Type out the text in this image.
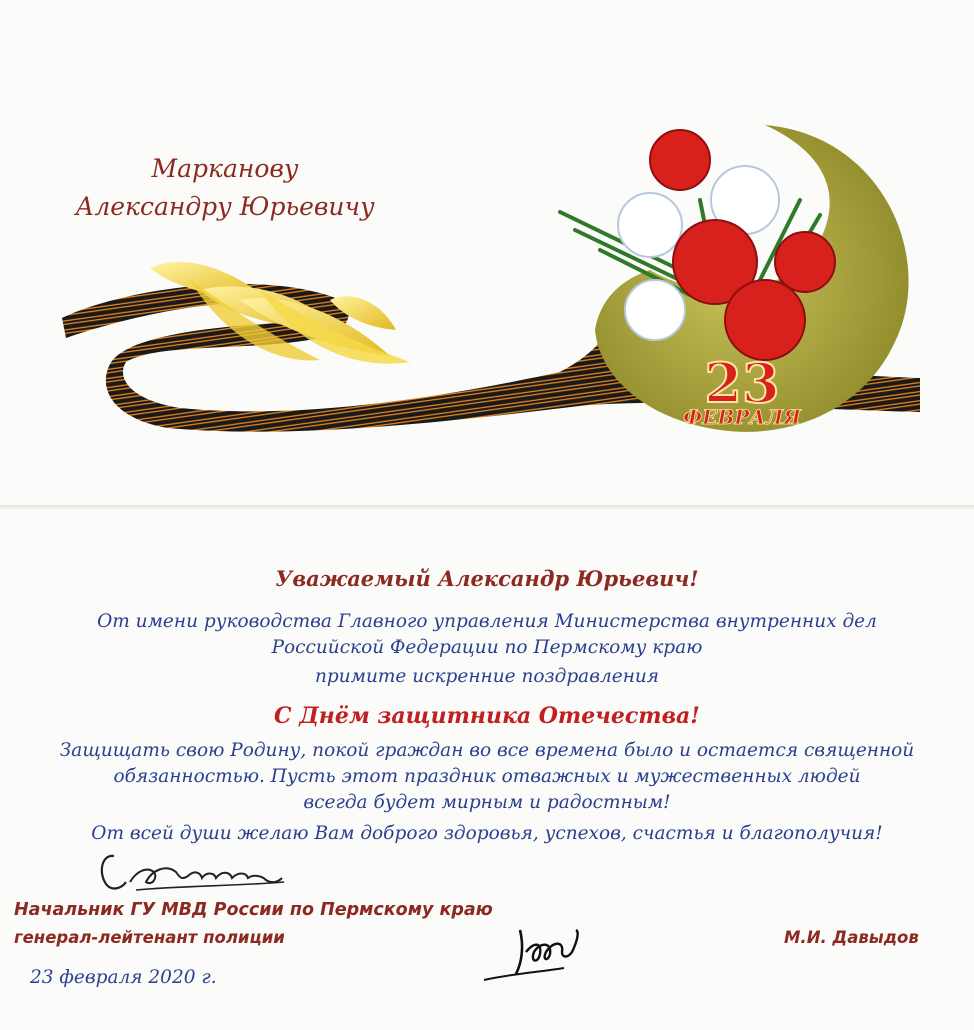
Марканову
Александру Юрьевичу
23
ФЕВРАЛЯ
Уважаемый Александр Юрьевич!
От имени руководства Главного управления Министерства внутренних дел
Российской Федерации по Пермскому краю
примите искренние поздравления
С Днём защитника Отечества!
Защищать свою Родину, покой граждан во все времена было и остается священной
обязанностью. Пусть этот праздник отважных и мужественных людей
всегда будет мирным и радостным!
От всей души желаю Вам доброго здоровья, успехов, счастья и благополучия!
Начальник ГУ МВД России по Пермскому краю
генерал-лейтенант полиции	М.И. Давыдов
23 февраля 2020 г.
